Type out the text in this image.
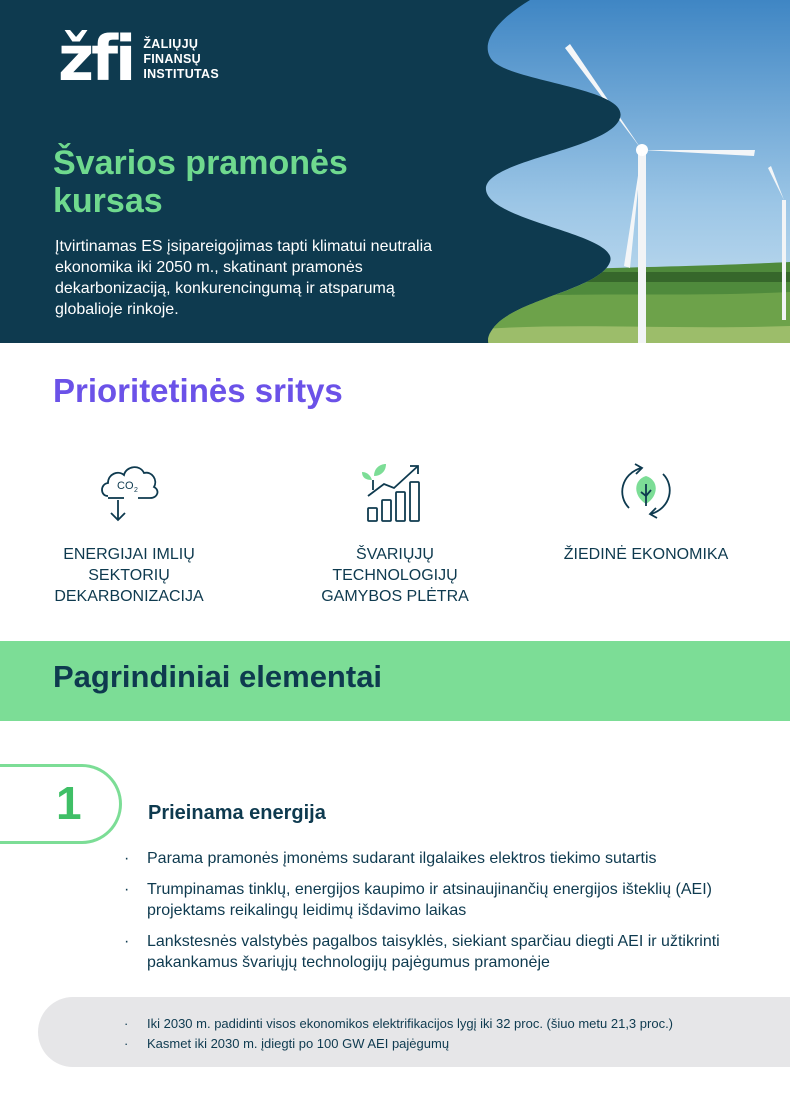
žfi ŽALIŲJŲ
FINANSŲ
INSTITUTAS
Švarios pramonės
kursas

Įtvirtinamas ES įsipareigojimas tapti klimatui neutralia ekonomika iki 2050 m., skatinant pramonės dekarbonizaciją, konkurencingumą ir atsparumą globalioje rinkoje.

Prioritetinės sritys
CO 2
ENERGIJAI IMLIŲ SEKTORIŲ DEKARBONIZACIJA
ŠVARIŲJŲ TECHNOLOGIJŲ GAMYBOS PLĖTRA
ŽIEDINĖ EKONOMIKA
Pagrindiniai elementai
1	Prieinama energija
· Parama pramonės įmonėms sudarant ilgalaikes elektros tiekimo sutartis
· Trumpinamas tinklų, energijos kaupimo ir atsinaujinančių energijos išteklių (AEI) projektams reikalingų leidimų išdavimo laikas
· Lankstesnės valstybės pagalbos taisyklės, siekiant sparčiau diegti AEI ir užtikrinti pakankamus švariųjų technologijų pajėgumus pramonėje
· Iki 2030 m. padidinti visos ekonomikos elektrifikacijos lygį iki 32 proc. (šiuo metu 21,3 proc.)
· Kasmet iki 2030 m. įdiegti po 100 GW AEI pajėgumų
